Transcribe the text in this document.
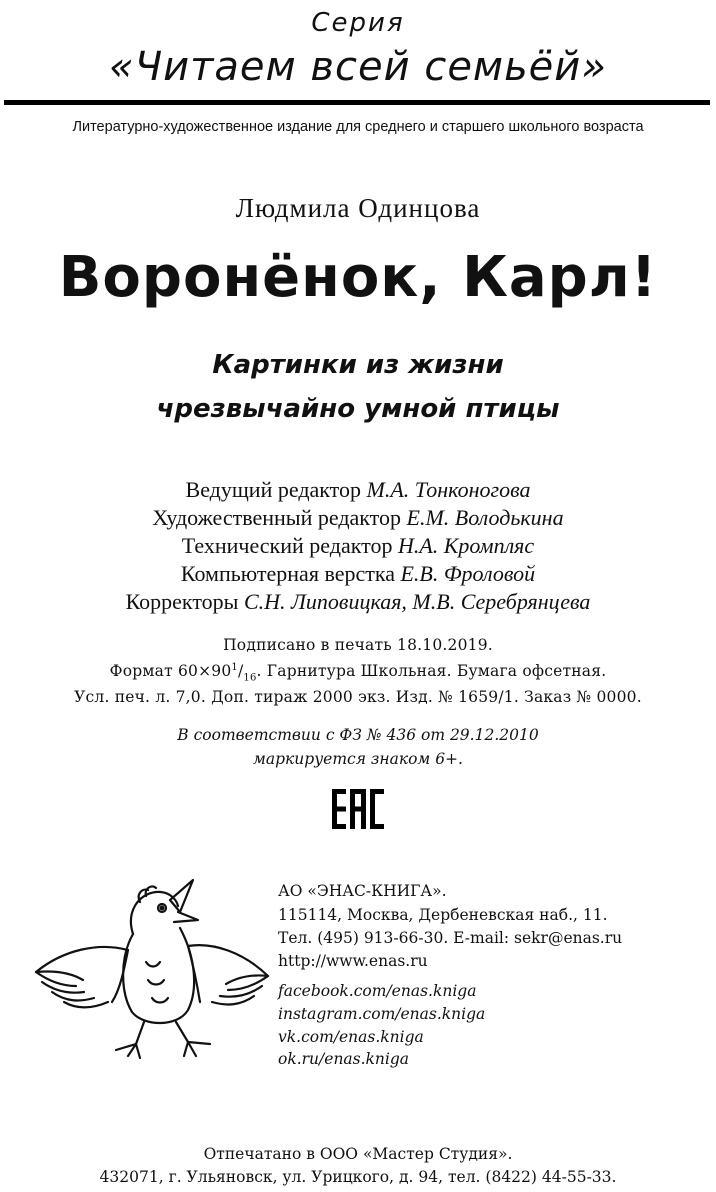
Серия
«Читаем всей семьёй»
Литературно-художественное издание для среднего и старшего школьного возраста
Людмила Одинцова
Воронёнок, Карл!
Картинки из жизни
чрезвычайно умной птицы
Ведущий редактор М.А. Тонконогова
Художественный редактор Е.М. Володькина
Технический редактор Н.А. Кромпляс
Компьютерная верстка Е.В. Фроловой
Корректоры С.Н. Липовицкая, М.В. Серебрянцева
Подписано в печать 18.10.2019.
Формат $60\times 90^1/_{16}$. Гарнитура Школьная. Бумага офсетная.
Усл. печ. л. 7,0. Доп. тираж 2000 экз. Изд. № 1659/1. Заказ № 0000.
В соответствии с ФЗ № 436 от 29.12.2010
маркируется знаком 6+.
АО «ЭНАС-КНИГА».
115114, Москва, Дербеневская наб., 11.
Тел. (495) 913-66-30. E-mail: sekr@enas.ru
http://www.enas.ru
facebook.com/enas.kniga
instagram.com/enas.kniga
vk.com/enas.kniga
ok.ru/enas.kniga
Отпечатано в ООО «Мастер Студия».
432071, г. Ульяновск, ул. Урицкого, д. 94, тел. (8422) 44-55-33.
